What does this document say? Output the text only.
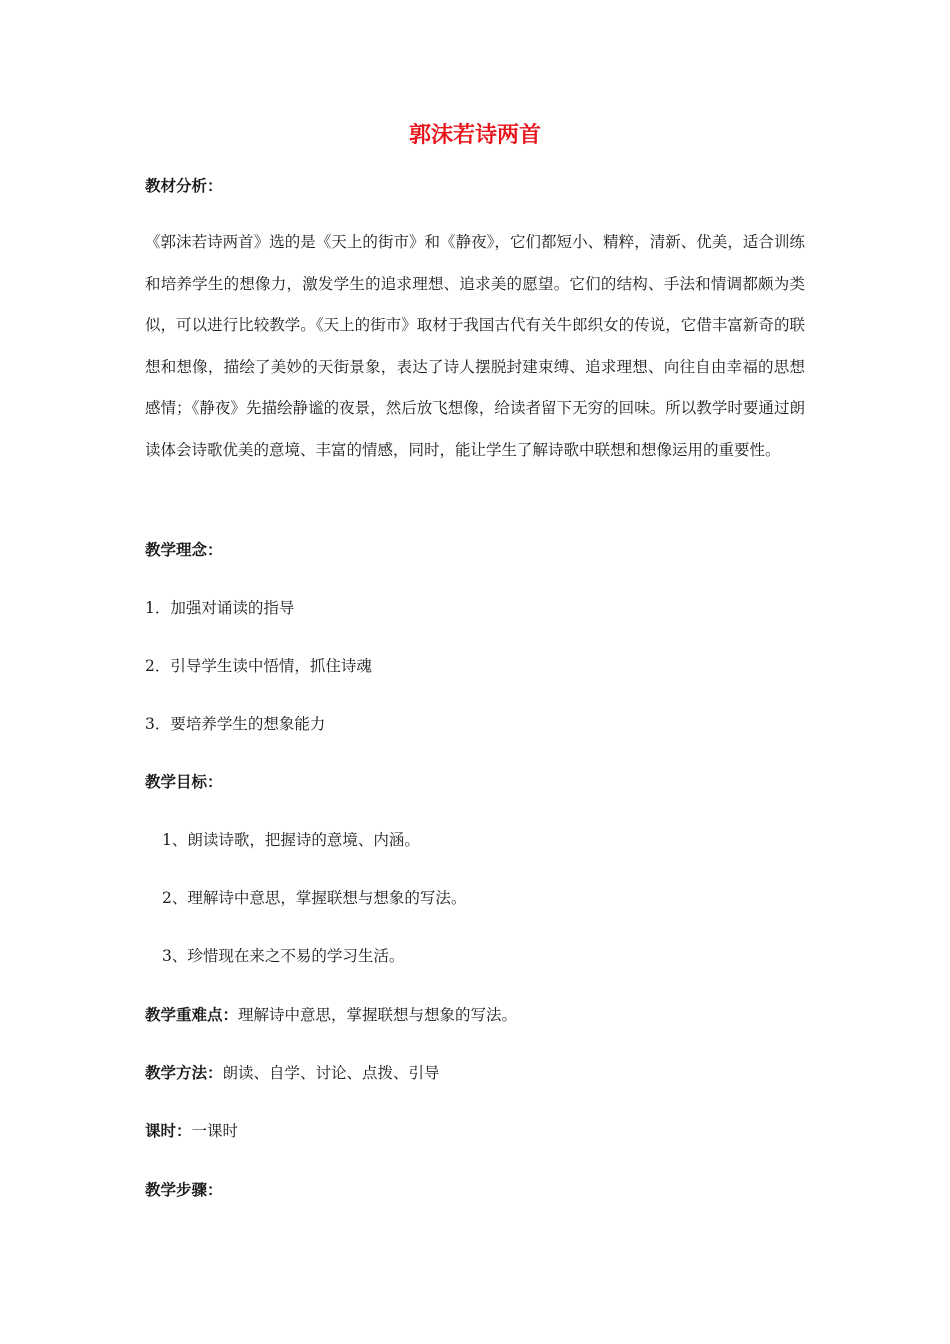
郭沫若诗两首
教材分析：
《郭沫若诗两首》选的是《天上的街市》和《静夜》，它们都短小、精粹，清新、优美，适合训练和培养学生的想像力，激发学生的追求理想、追求美的愿望。它们的结构、手法和情调都颇为类似，可以进行比较教学。《天上的街市》取材于我国古代有关牛郎织女的传说，它借丰富新奇的联想和想像，描绘了美妙的天街景象，表达了诗人摆脱封建束缚、追求理想、向往自由幸福的思想感情；《静夜》先描绘静谧的夜景，然后放飞想像，给读者留下无穷的回味。所以教学时要通过朗读体会诗歌优美的意境、丰富的情感，同时，能让学生了解诗歌中联想和想像运用的重要性。
教学理念：
1．加强对诵读的指导
2．引导学生读中悟情，抓住诗魂
3．要培养学生的想象能力
教学目标：
1、朗读诗歌，把握诗的意境、内涵。
2、理解诗中意思，掌握联想与想象的写法。
3、珍惜现在来之不易的学习生活。
教学重难点：理解诗中意思，掌握联想与想象的写法。
教学方法：朗读、自学、讨论、点拨、引导
课时：一课时
教学步骤：
